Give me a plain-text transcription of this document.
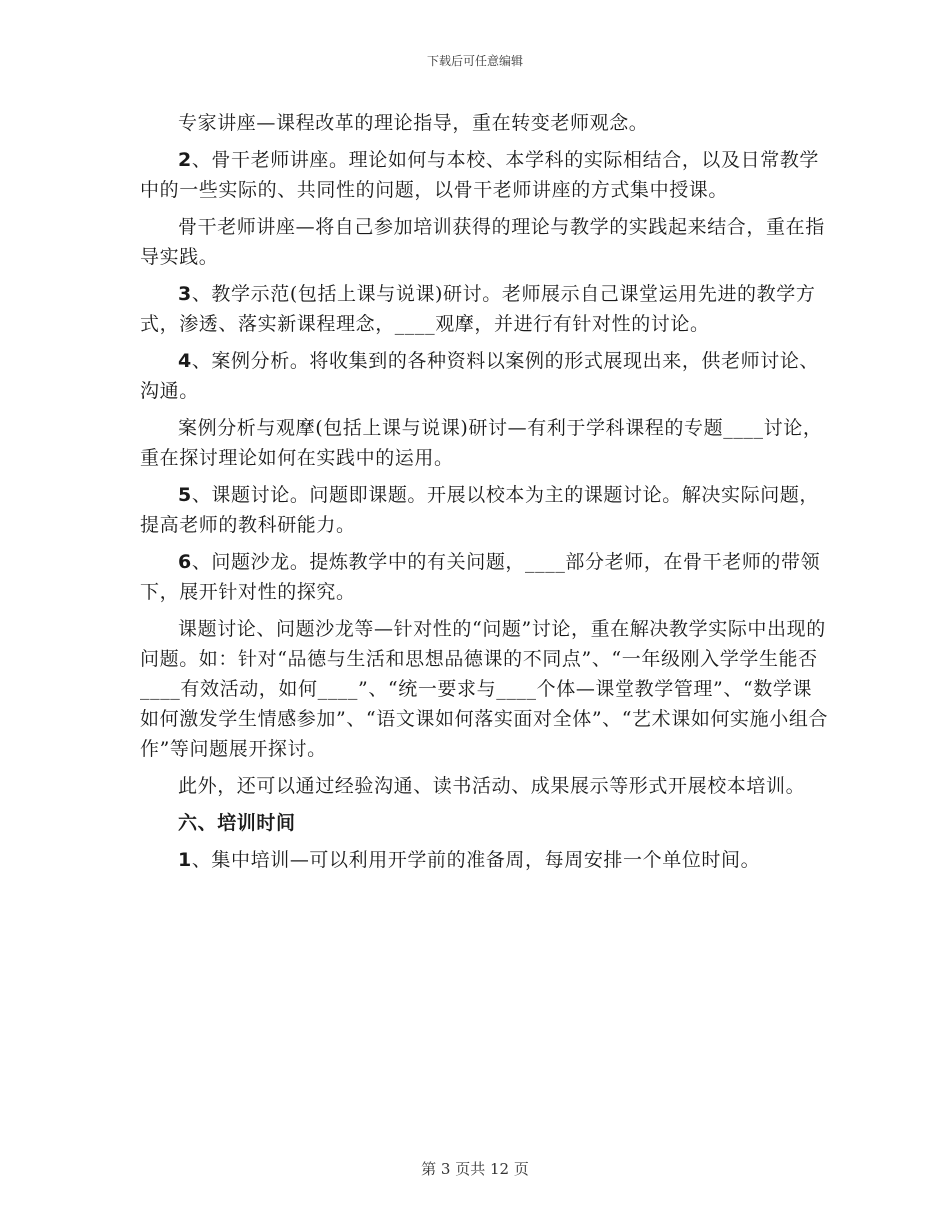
下载后可任意编辑

专家讲座—课程改革的理论指导，重在转变老师观念。

2、骨干老师讲座。理论如何与本校、本学科的实际相结合，以及日常教学中的一些实际的、共同性的问题，以骨干老师讲座的方式集中授课。

骨干老师讲座—将自己参加培训获得的理论与教学的实践起来结合，重在指导实践。

3、教学示范(包括上课与说课)研讨。老师展示自己课堂运用先进的教学方式，渗透、落实新课程理念，____观摩，并进行有针对性的讨论。

4、案例分析。将收集到的各种资料以案例的形式展现出来，供老师讨论、沟通。

案例分析与观摩(包括上课与说课)研讨—有利于学科课程的专题____讨论，重在探讨理论如何在实践中的运用。

5、课题讨论。问题即课题。开展以校本为主的课题讨论。解决实际问题，提高老师的教科研能力。

6、问题沙龙。提炼教学中的有关问题，____部分老师，在骨干老师的带领下，展开针对性的探究。

课题讨论、问题沙龙等—针对性的“问题”讨论，重在解决教学实际中出现的问题。如：针对“品德与生活和思想品德课的不同点”、“一年级刚入学学生能否____有效活动，如何____”、“统一要求与____个体—课堂教学管理”、“数学课如何激发学生情感参加”、“语文课如何落实面对全体”、“艺术课如何实施小组合作”等问题展开探讨。

此外，还可以通过经验沟通、读书活动、成果展示等形式开展校本培训。

六、培训时间

1、集中培训—可以利用开学前的准备周，每周安排一个单位时间。

第 3 页共 12 页
